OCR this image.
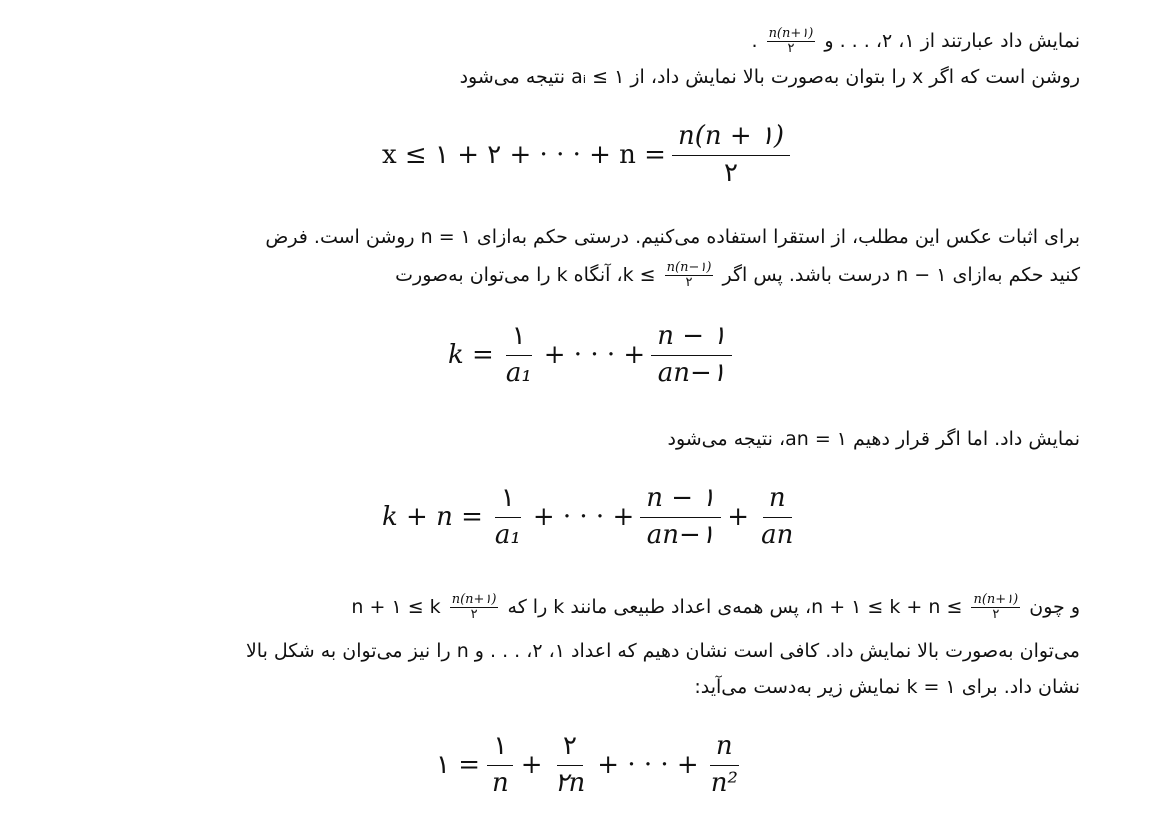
نمایش داد عبارتند از ۱، ۲، . . . و
$\frac{n(n+۱)}{۲}$
.
روشن است که اگر x را بتوان به‌صورت بالا نمایش داد، از ۱ ≥ aᵢ نتیجه می‌شود
x ≤ ۱ + ۲ + · · · + $n = \frac{n(n + ۱)}{۲}$
برای اثبات عکس این مطلب، از استقرا استفاده می‌کنیم. درستی حکم به‌ازای n = ۱ روشن است. فرض
کنید حکم به‌ازای n − ۱ درست باشد. پس اگر
$\frac{n(n-۱)}{۲}$
≥ k، آنگاه k را می‌توان به‌صورت
$k = \frac{۱}{\text{a₁}}$ + · · · + $\frac{n - ۱}{an-۱}$
نمایش داد. اما اگر قرار دهیم an = ۱، نتیجه می‌شود
$k + n = \frac{۱}{\text{a₁}}$ + · · · + $\frac{n - ۱}{an-۱} + \frac{n}{an}$
و چون
$\frac{n(n+۱)}{۲}$
≥ n + ۱ ≤ k + n، پس همه‌ی اعداد طبیعی مانند k را که
$\frac{n(n+۱)}{۲}$
n + ۱ ≤ k
می‌توان به‌صورت بالا نمایش داد. کافی است نشان دهیم که اعداد ۱، ۲، . . . و n را نیز می‌توان به شکل بالا
نشان داد. برای k = ۱ نمایش زیر به‌دست می‌آید:
۱ = $\frac{۱}{n} + \frac{۲}{۲n}$ + · · · + $\frac{n}{\text{n²}}$
